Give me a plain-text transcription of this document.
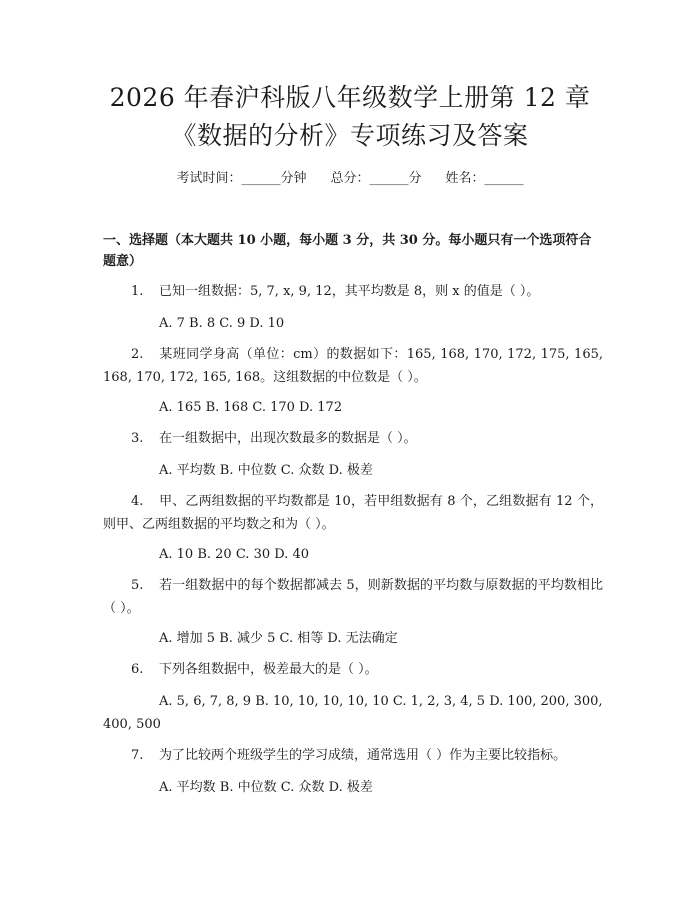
2026 年春沪科版八年级数学上册第 12 章
《数据的分析》专项练习及答案
考试时间：______分钟 总分：______分 姓名：______
一、选择题（本大题共 10 小题，每小题 3 分，共 30 分。每小题只有一个选项符合题意）
1. 已知一组数据：5, 7, x, 9, 12，其平均数是 8，则 x 的值是（ ）。
A. 7 B. 8 C. 9 D. 10
2. 某班同学身高（单位：cm）的数据如下：165, 168, 170, 172, 175, 165, 168, 170, 172, 165, 168。这组数据的中位数是（ ）。
A. 165 B. 168 C. 170 D. 172
3. 在一组数据中，出现次数最多的数据是（ ）。
A. 平均数 B. 中位数 C. 众数 D. 极差
4. 甲、乙两组数据的平均数都是 10，若甲组数据有 8 个，乙组数据有 12 个，则甲、乙两组数据的平均数之和为（ ）。
A. 10 B. 20 C. 30 D. 40
5. 若一组数据中的每个数据都减去 5，则新数据的平均数与原数据的平均数相比（ ）。
A. 增加 5 B. 减少 5 C. 相等 D. 无法确定
6. 下列各组数据中，极差最大的是（ ）。
A. 5, 6, 7, 8, 9 B. 10, 10, 10, 10, 10 C. 1, 2, 3, 4, 5 D. 100, 200, 300, 400, 500
7. 为了比较两个班级学生的学习成绩，通常选用（ ）作为主要比较指标。
A. 平均数 B. 中位数 C. 众数 D. 极差
